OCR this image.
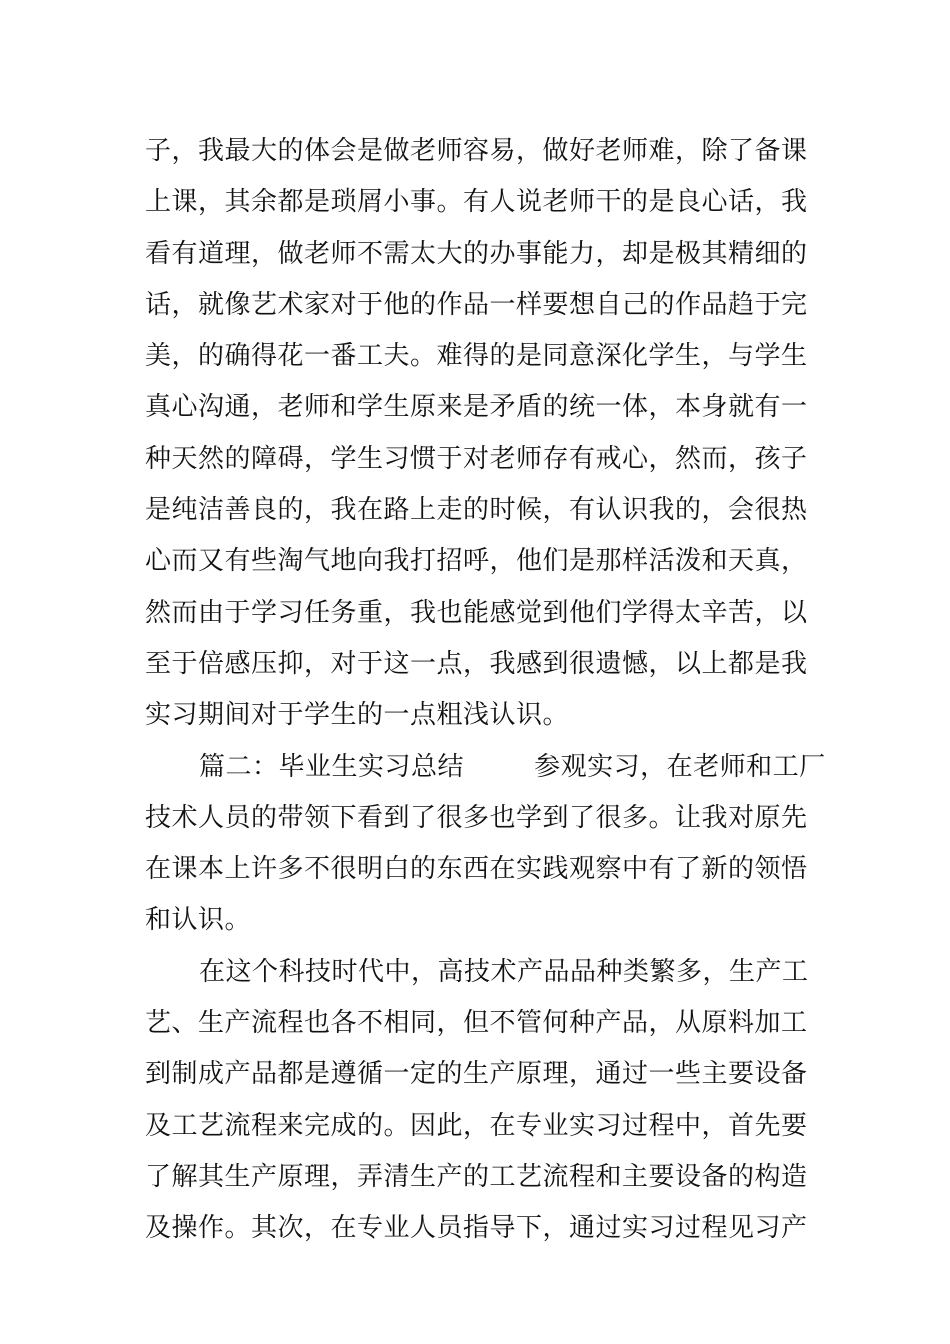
子，我最大的体会是做老师容易，做好老师难，除了备课
上课，其余都是琐屑小事。有人说老师干的是良心话，我
看有道理，做老师不需太大的办事能力，却是极其精细的
话，就像艺术家对于他的作品一样要想自己的作品趋于完
美，的确得花一番工夫。难得的是同意深化学生，与学生
真心沟通，老师和学生原来是矛盾的统一体，本身就有一
种天然的障碍，学生习惯于对老师存有戒心，然而，孩子
是纯洁善良的，我在路上走的时候，有认识我的，会很热
心而又有些淘气地向我打招呼，他们是那样活泼和天真，
然而由于学习任务重，我也能感觉到他们学得太辛苦，以
至于倍感压抑，对于这一点，我感到很遗憾，以上都是我
实习期间对于学生的一点粗浅认识。
篇二：毕业生实习总结        参观实习，在老师和工厂
技术人员的带领下看到了很多也学到了很多。让我对原先
在课本上许多不很明白的东西在实践观察中有了新的领悟
和认识。
在这个科技时代中，高技术产品品种类繁多，生产工
艺、生产流程也各不相同，但不管何种产品，从原料加工
到制成产品都是遵循一定的生产原理，通过一些主要设备
及工艺流程来完成的。因此，在专业实习过程中，首先要
了解其生产原理，弄清生产的工艺流程和主要设备的构造
及操作。其次，在专业人员指导下，通过实习过程见习产
